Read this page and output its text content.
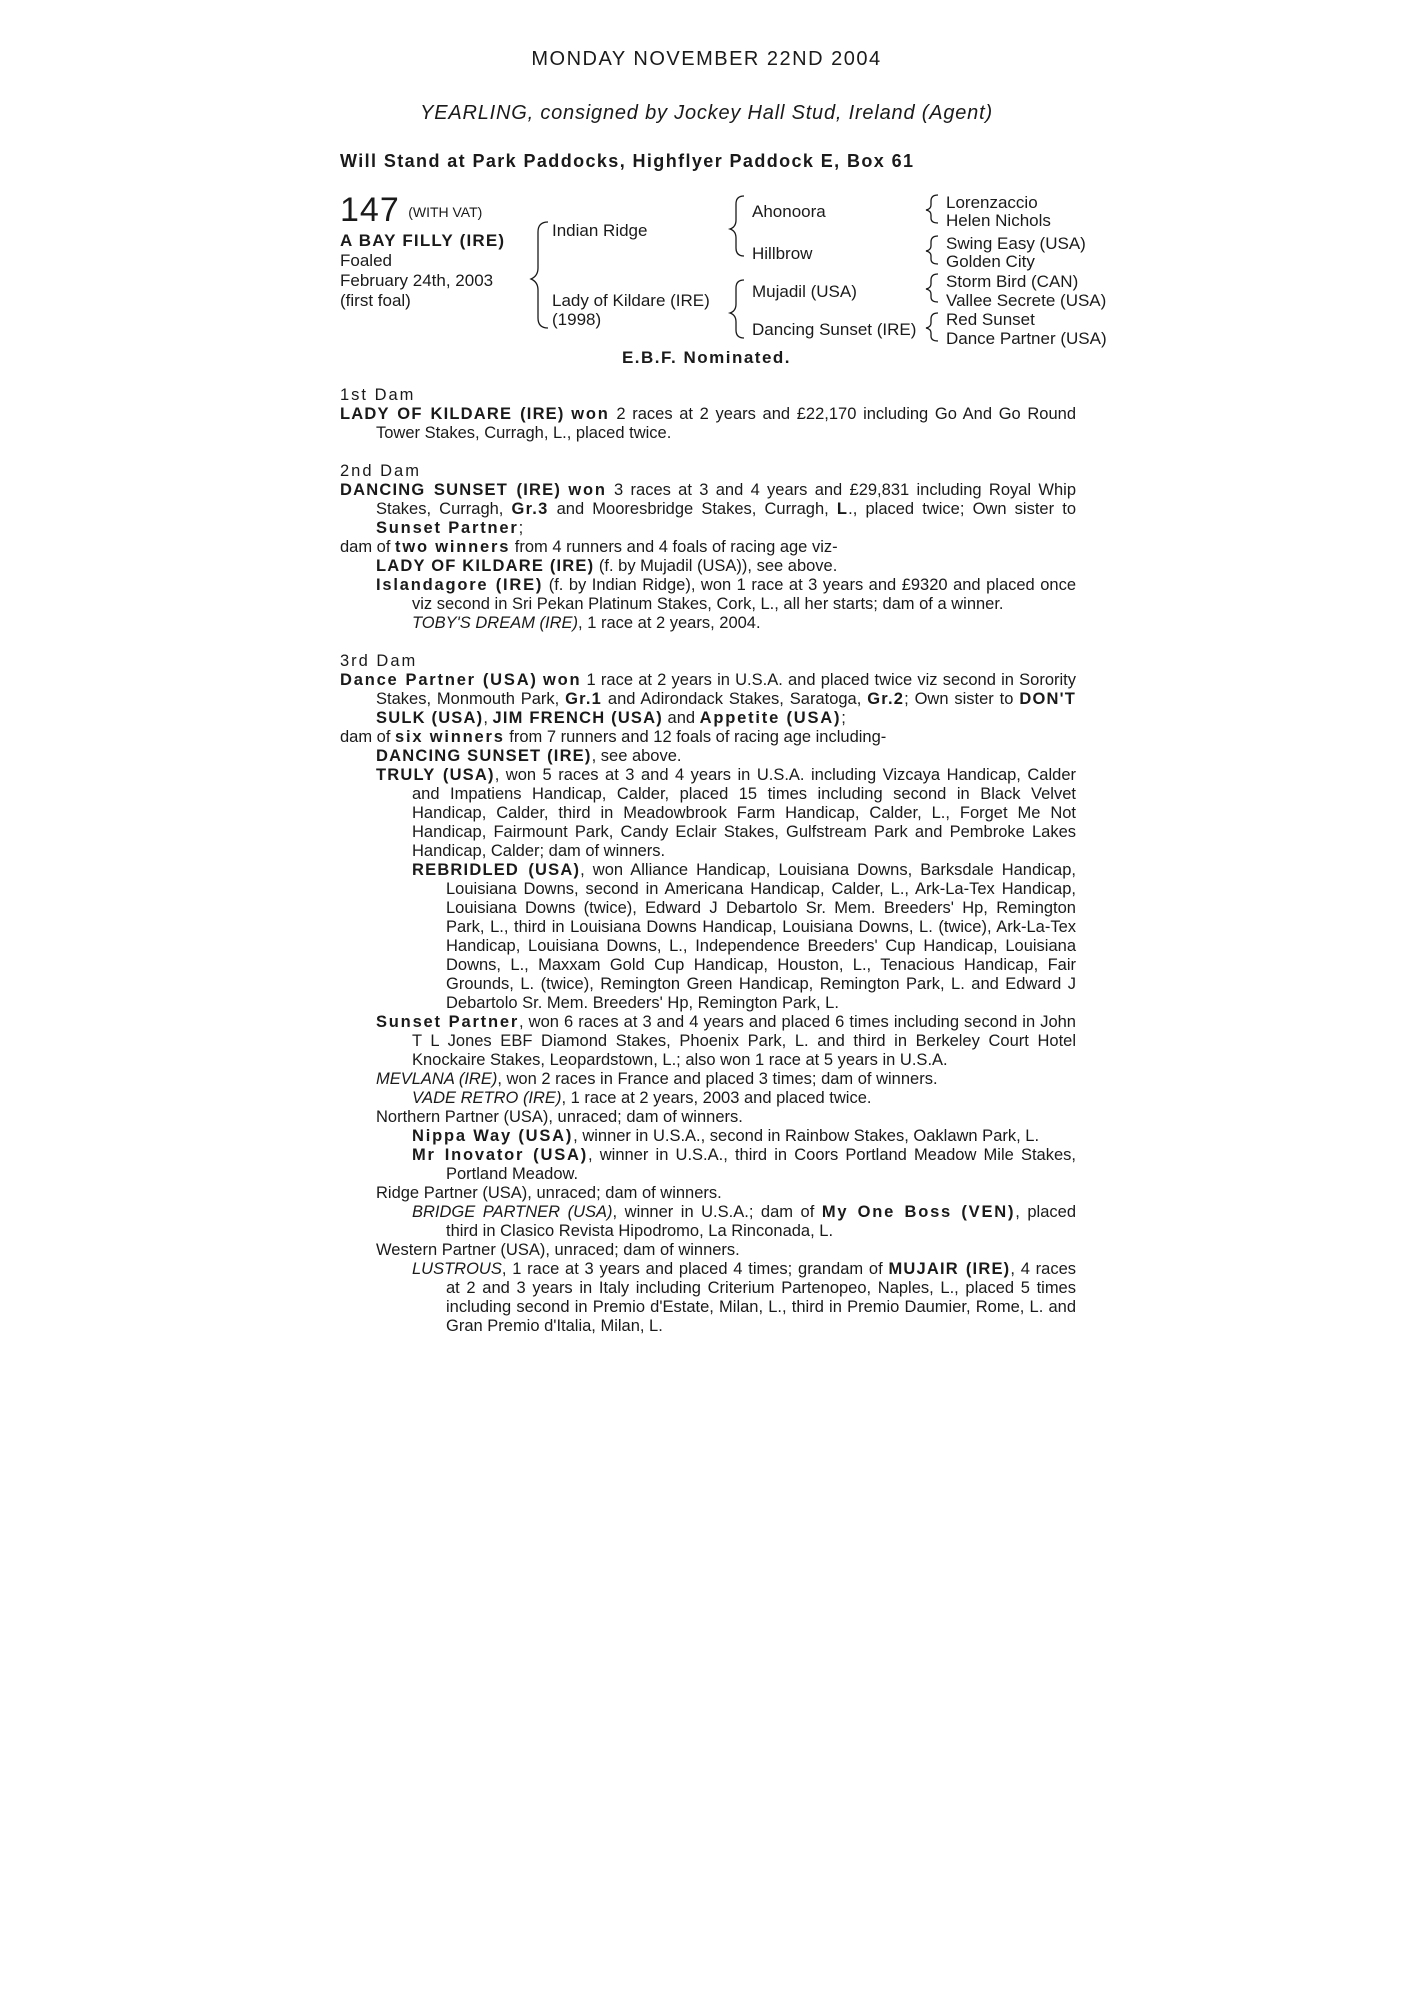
MONDAY NOVEMBER 22ND 2004
YEARLING, consigned by Jockey Hall Stud, Ireland (Agent)
Will Stand at Park Paddocks, Highflyer Paddock E, Box 61
147 (WITH VAT)
A BAY FILLY (IRE)
Foaled
February 24th, 2003
(first foal)
Indian Ridge
Lady of Kildare (IRE)
(1998)
Ahonoora
Hillbrow
Mujadil (USA)
Dancing Sunset (IRE)
Lorenzaccio
Helen Nichols
Swing Easy (USA)
Golden City
Storm Bird (CAN)
Vallee Secrete (USA)
Red Sunset
Dance Partner (USA)
E.B.F. Nominated.
1st Dam
LADY OF KILDARE (IRE) won 2 races at 2 years and £22,170 including Go And Go Round Tower Stakes, Curragh, L., placed twice.
2nd Dam
DANCING SUNSET (IRE) won 3 races at 3 and 4 years and £29,831 including Royal Whip Stakes, Curragh, Gr.3 and Mooresbridge Stakes, Curragh, L., placed twice; Own sister to Sunset Partner;
dam of two winners from 4 runners and 4 foals of racing age viz-
LADY OF KILDARE (IRE) (f. by Mujadil (USA)), see above.
Islandagore (IRE) (f. by Indian Ridge), won 1 race at 3 years and £9320 and placed once viz second in Sri Pekan Platinum Stakes, Cork, L., all her starts; dam of a winner.
TOBY'S DREAM (IRE), 1 race at 2 years, 2004.
3rd Dam
Dance Partner (USA) won 1 race at 2 years in U.S.A. and placed twice viz second in Sorority Stakes, Monmouth Park, Gr.1 and Adirondack Stakes, Saratoga, Gr.2; Own sister to DON'T SULK (USA), JIM FRENCH (USA) and Appetite (USA);
dam of six winners from 7 runners and 12 foals of racing age including-
DANCING SUNSET (IRE), see above.
TRULY (USA), won 5 races at 3 and 4 years in U.S.A. including Vizcaya Handicap, Calder and Impatiens Handicap, Calder, placed 15 times including second in Black Velvet Handicap, Calder, third in Meadowbrook Farm Handicap, Calder, L., Forget Me Not Handicap, Fairmount Park, Candy Eclair Stakes, Gulfstream Park and Pembroke Lakes Handicap, Calder; dam of winners.
REBRIDLED (USA), won Alliance Handicap, Louisiana Downs, Barksdale Handicap, Louisiana Downs, second in Americana Handicap, Calder, L., Ark-La-Tex Handicap, Louisiana Downs (twice), Edward J Debartolo Sr. Mem. Breeders' Hp, Remington Park, L., third in Louisiana Downs Handicap, Louisiana Downs, L. (twice), Ark-La-Tex Handicap, Louisiana Downs, L., Independence Breeders' Cup Handicap, Louisiana Downs, L., Maxxam Gold Cup Handicap, Houston, L., Tenacious Handicap, Fair Grounds, L. (twice), Remington Green Handicap, Remington Park, L. and Edward J Debartolo Sr. Mem. Breeders' Hp, Remington Park, L.
Sunset Partner, won 6 races at 3 and 4 years and placed 6 times including second in John T L Jones EBF Diamond Stakes, Phoenix Park, L. and third in Berkeley Court Hotel Knockaire Stakes, Leopardstown, L.; also won 1 race at 5 years in U.S.A.
MEVLANA (IRE), won 2 races in France and placed 3 times; dam of winners.
VADE RETRO (IRE), 1 race at 2 years, 2003 and placed twice.
Northern Partner (USA), unraced; dam of winners.
Nippa Way (USA), winner in U.S.A., second in Rainbow Stakes, Oaklawn Park, L.
Mr Inovator (USA), winner in U.S.A., third in Coors Portland Meadow Mile Stakes, Portland Meadow.
Ridge Partner (USA), unraced; dam of winners.
BRIDGE PARTNER (USA), winner in U.S.A.; dam of My One Boss (VEN), placed third in Clasico Revista Hipodromo, La Rinconada, L.
Western Partner (USA), unraced; dam of winners.
LUSTROUS, 1 race at 3 years and placed 4 times; grandam of MUJAIR (IRE), 4 races at 2 and 3 years in Italy including Criterium Partenopeo, Naples, L., placed 5 times including second in Premio d'Estate, Milan, L., third in Premio Daumier, Rome, L. and Gran Premio d'Italia, Milan, L.
